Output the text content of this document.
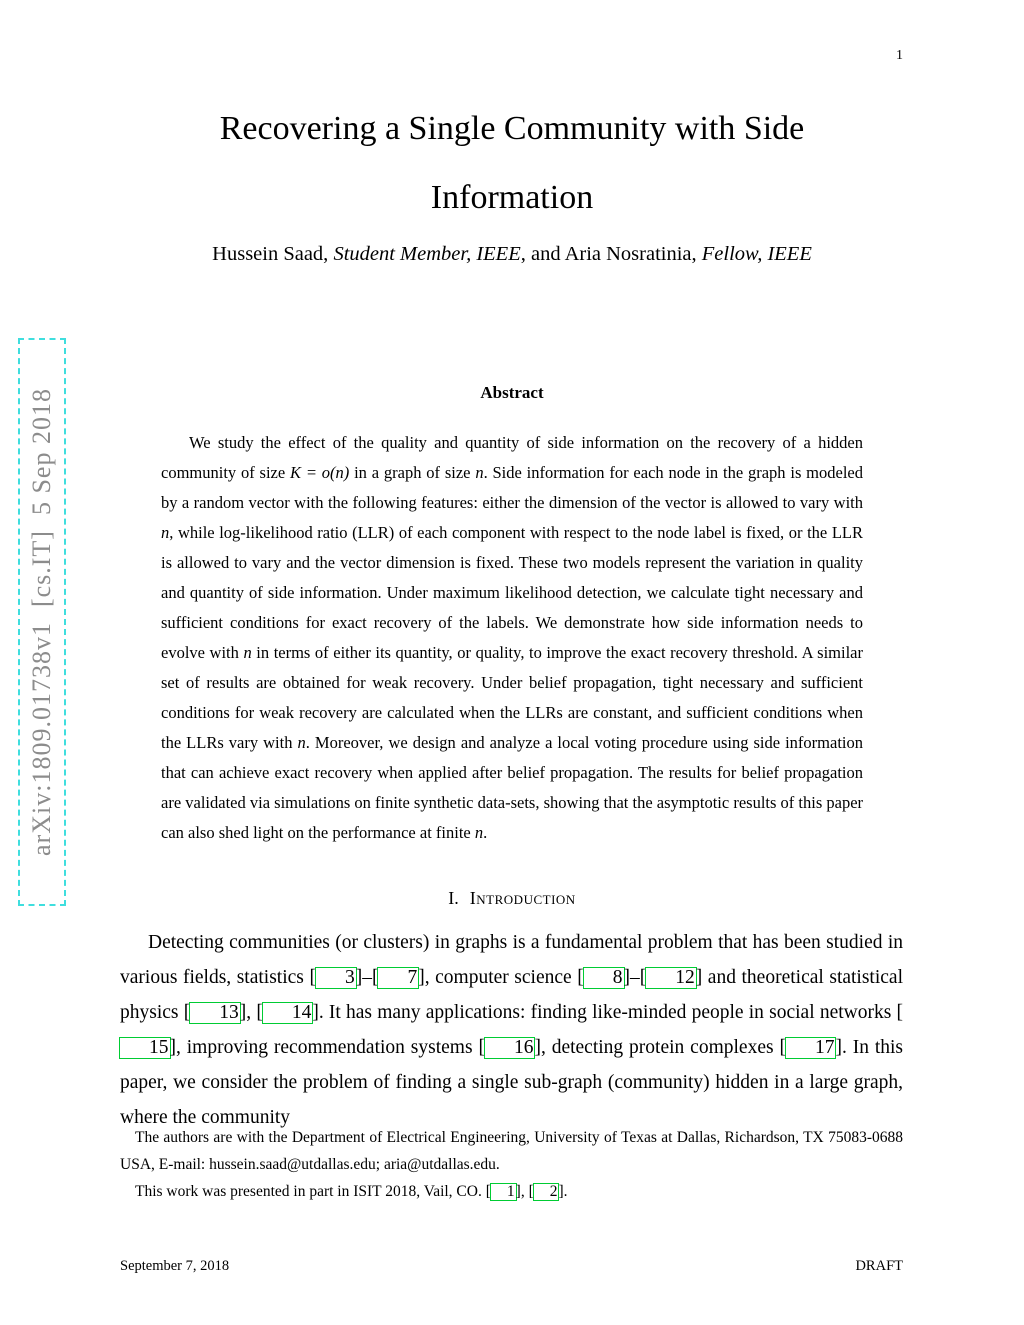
1
arXiv:1809.01738v1  [cs.IT]  5 Sep 2018
Recovering a Single Community with Side
Information
Hussein Saad, Student Member, IEEE, and Aria Nosratinia, Fellow, IEEE
Abstract
We study the effect of the quality and quantity of side information on the recovery of a hidden community of size K = o(n) in a graph of size n. Side information for each node in the graph is modeled by a random vector with the following features: either the dimension of the vector is allowed to vary with n, while log-likelihood ratio (LLR) of each component with respect to the node label is fixed, or the LLR is allowed to vary and the vector dimension is fixed. These two models represent the variation in quality and quantity of side information. Under maximum likelihood detection, we calculate tight necessary and sufficient conditions for exact recovery of the labels. We demonstrate how side information needs to evolve with n in terms of either its quantity, or quality, to improve the exact recovery threshold. A similar set of results are obtained for weak recovery. Under belief propagation, tight necessary and sufficient conditions for weak recovery are calculated when the LLRs are constant, and sufficient conditions when the LLRs vary with n. Moreover, we design and analyze a local voting procedure using side information that can achieve exact recovery when applied after belief propagation. The results for belief propagation are validated via simulations on finite synthetic data-sets, showing that the asymptotic results of this paper can also shed light on the performance at finite n.
I. Introduction
Detecting communities (or clusters) in graphs is a fundamental problem that has been studied in various fields, statistics [ 3]–[ 7], computer science [ 8]–[ 12] and theoretical statistical physics [ 13], [ 14]. It has many applications: finding like-minded people in social networks [15], improving recommendation systems [ 16], detecting protein complexes [ 17]. In this paper, we consider the problem of finding a single sub-graph (community) hidden in a large graph, where the community

The authors are with the Department of Electrical Engineering, University of Texas at Dallas, Richardson, TX 75083-0688 USA, E-mail: hussein.saad@utdallas.edu; aria@utdallas.edu.

This work was presented in part in ISIT 2018, Vail, CO. [ 1], [ 2].

September 7, 2018	DRAFT
